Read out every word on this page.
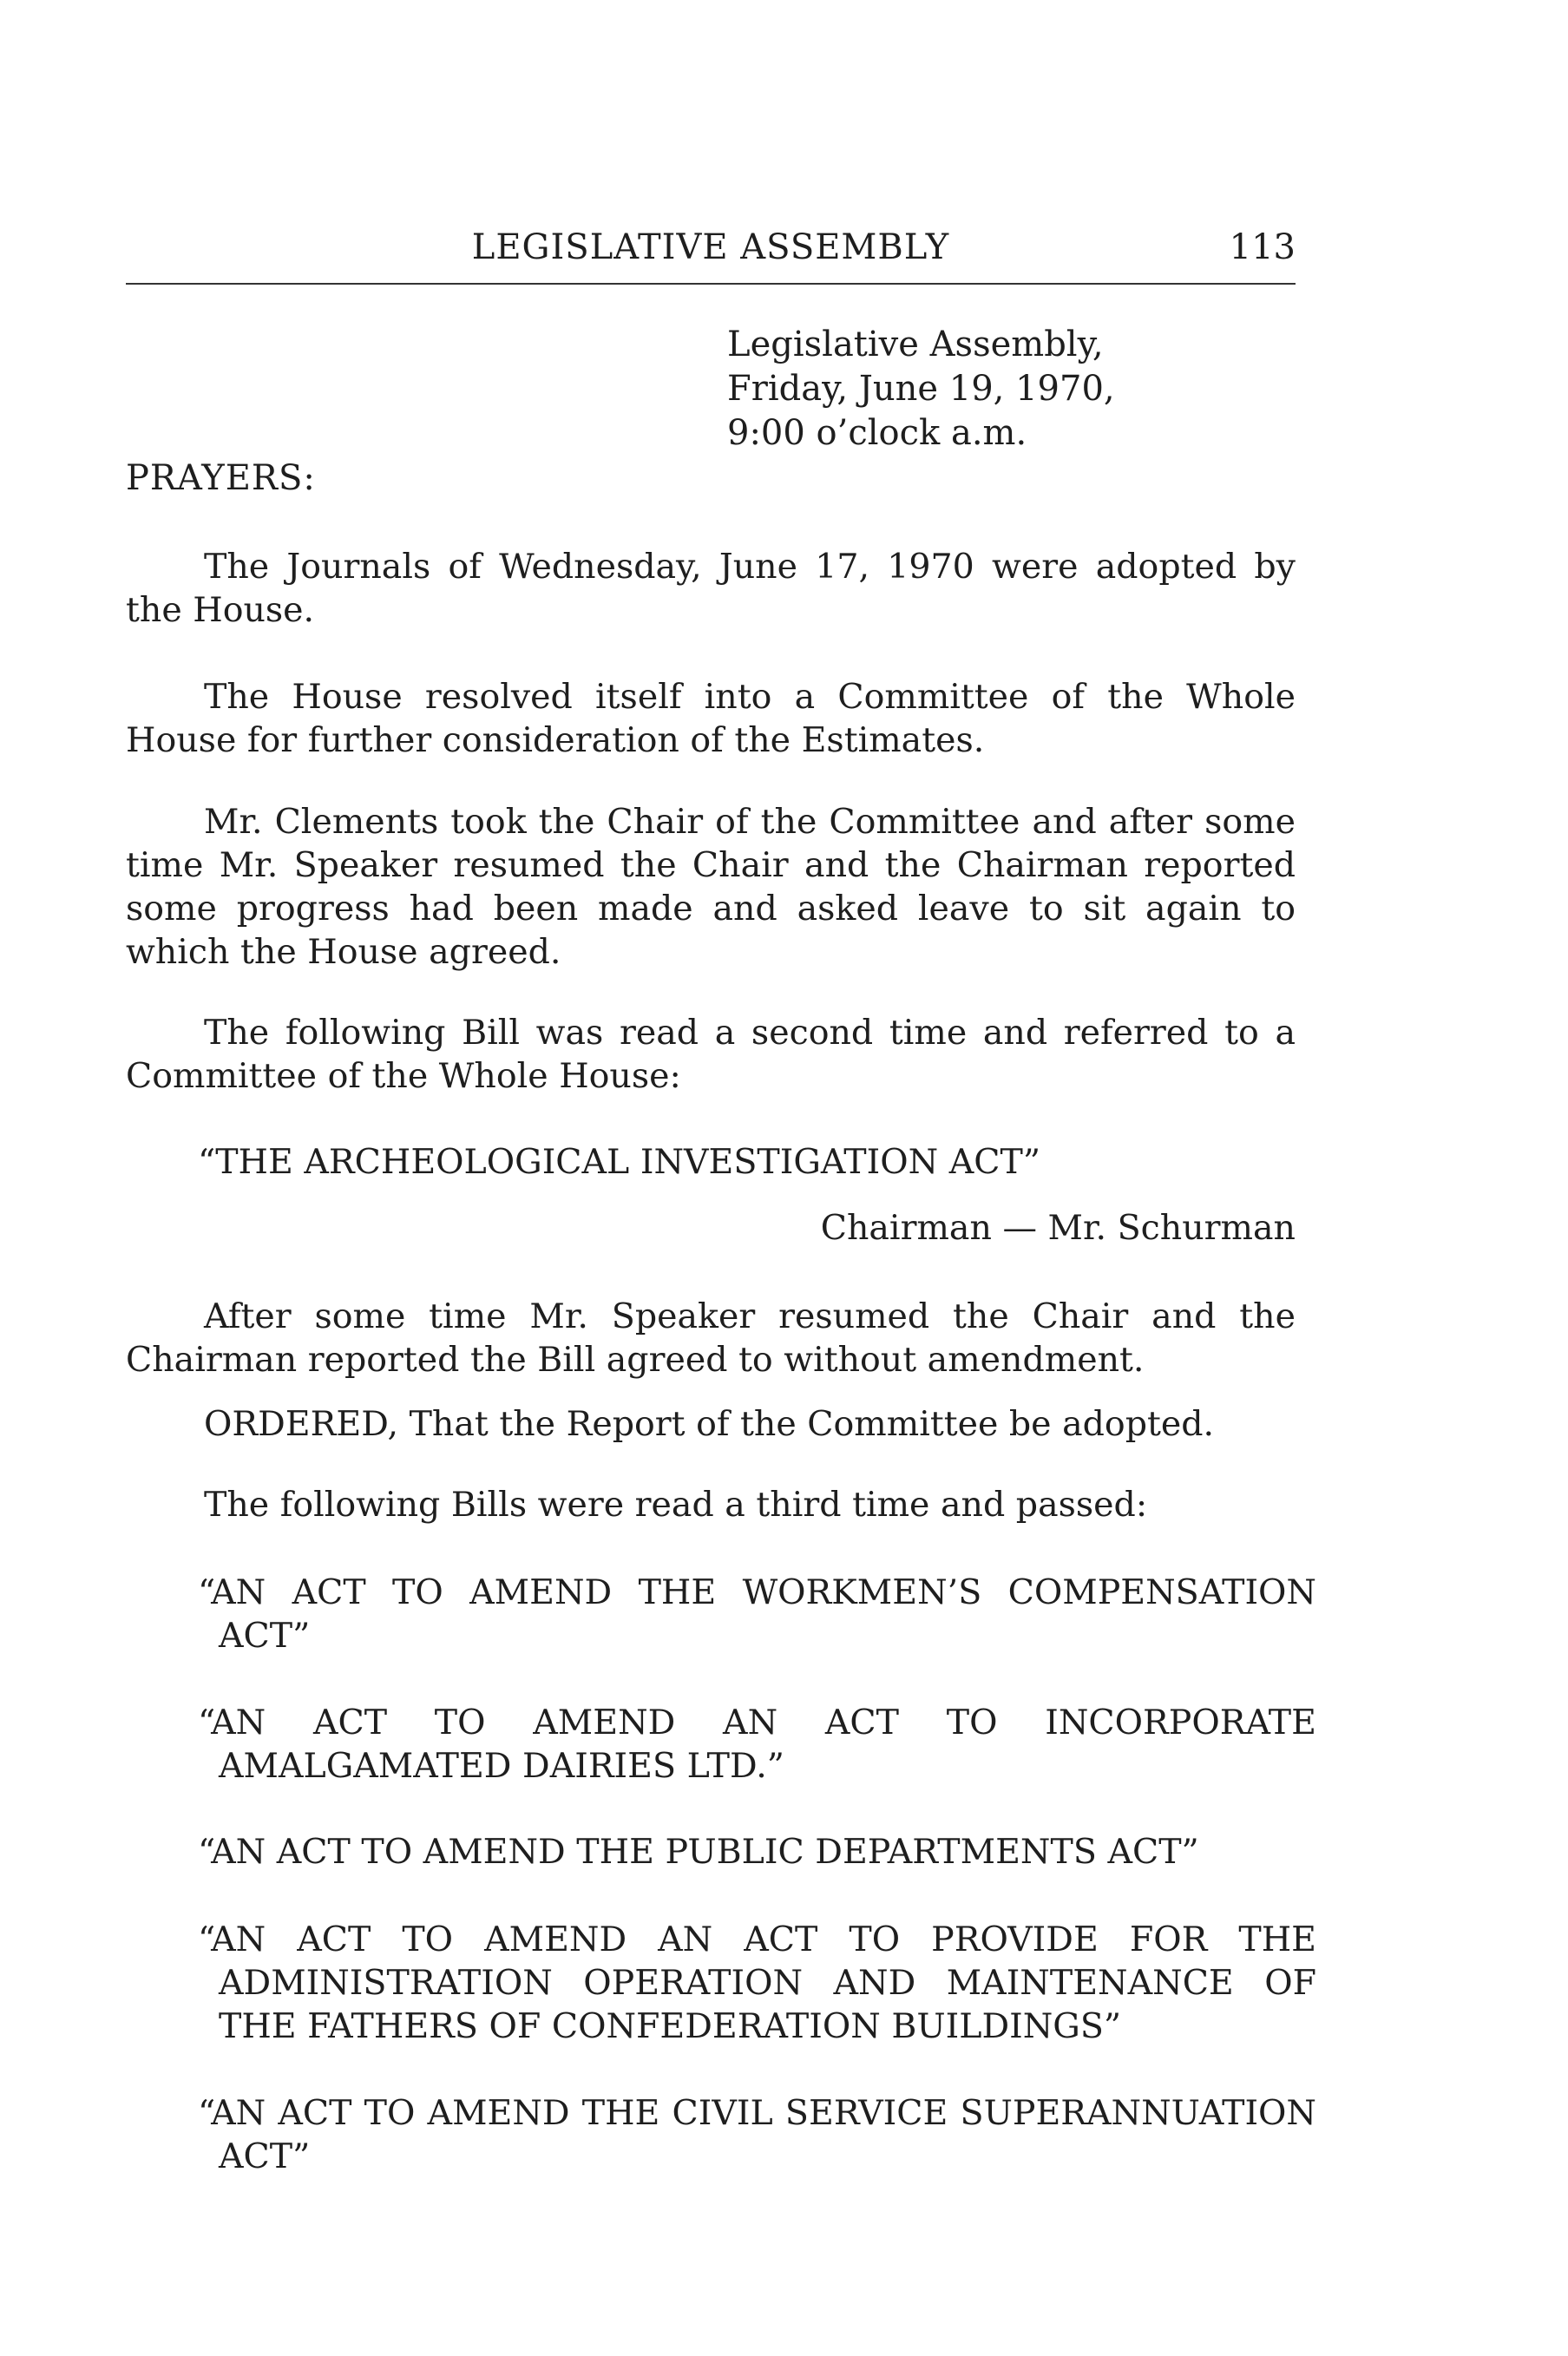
LEGISLATIVE ASSEMBLY	113
Legislative Assembly,
Friday, June 19, 1970,
9:00 o’clock a.m.
PRAYERS:

The Journals of Wednesday, June 17, 1970 were adopted by the House.

The House resolved itself into a Committee of the Whole House for further consideration of the Estimates.

Mr. Clements took the Chair of the Committee and after some time Mr. Speaker resumed the Chair and the Chairman reported some progress had been made and asked leave to sit again to which the House agreed.

The following Bill was read a second time and referred to a Committee of the Whole House:

“THE ARCHEOLOGICAL INVESTIGATION ACT”

Chairman — Mr. Schurman

After some time Mr. Speaker resumed the Chair and the Chairman reported the Bill agreed to without amendment.

ORDERED, That the Report of the Committee be adopted.

The following Bills were read a third time and passed:

“AN ACT TO AMEND THE WORKMEN’S COMPENSATION ACT”

“AN ACT TO AMEND AN ACT TO INCORPORATE AMALGAMATED DAIRIES LTD.”

“AN ACT TO AMEND THE PUBLIC DEPARTMENTS ACT”

“AN ACT TO AMEND AN ACT TO PROVIDE FOR THE ADMINISTRATION OPERATION AND MAINTENANCE OF THE FATHERS OF CONFEDERATION BUILDINGS”

“AN ACT TO AMEND THE CIVIL SERVICE SUPERANNUATION ACT”
